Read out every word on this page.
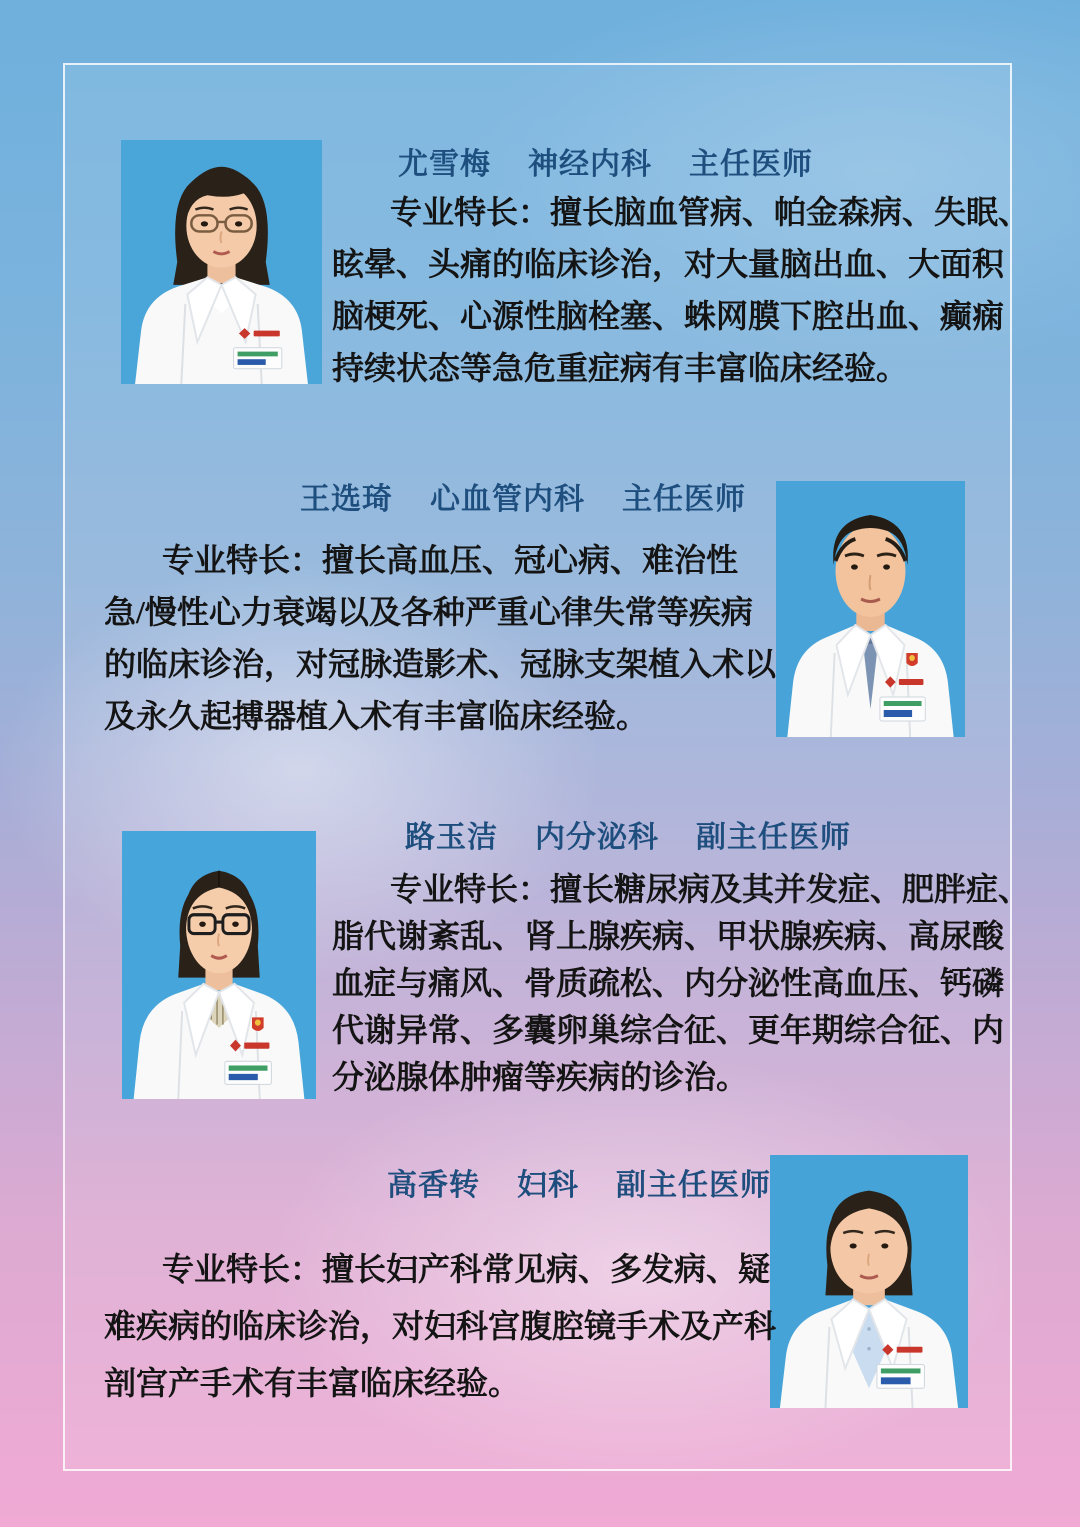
尤雪梅 神经内科 主任医师
专业特长：擅长脑血管病、帕金森病、失眠、
眩晕、头痛的临床诊治，对大量脑出血、大面积
脑梗死、心源性脑栓塞、蛛网膜下腔出血、癫痫
持续状态等急危重症病有丰富临床经验。
王选琦 心血管内科 主任医师
专业特长：擅长高血压、冠心病、难治性
急/慢性心力衰竭以及各种严重心律失常等疾病
的临床诊治，对冠脉造影术、冠脉支架植入术以
及永久起搏器植入术有丰富临床经验。
路玉洁 内分泌科 副主任医师
专业特长：擅长糖尿病及其并发症、肥胖症、
脂代谢紊乱、肾上腺疾病、甲状腺疾病、高尿酸
血症与痛风、骨质疏松、内分泌性高血压、钙磷
代谢异常、多囊卵巢综合征、更年期综合征、内
分泌腺体肿瘤等疾病的诊治。
高香转 妇科 副主任医师
专业特长：擅长妇产科常见病、多发病、疑
难疾病的临床诊治，对妇科宫腹腔镜手术及产科
剖宫产手术有丰富临床经验。
